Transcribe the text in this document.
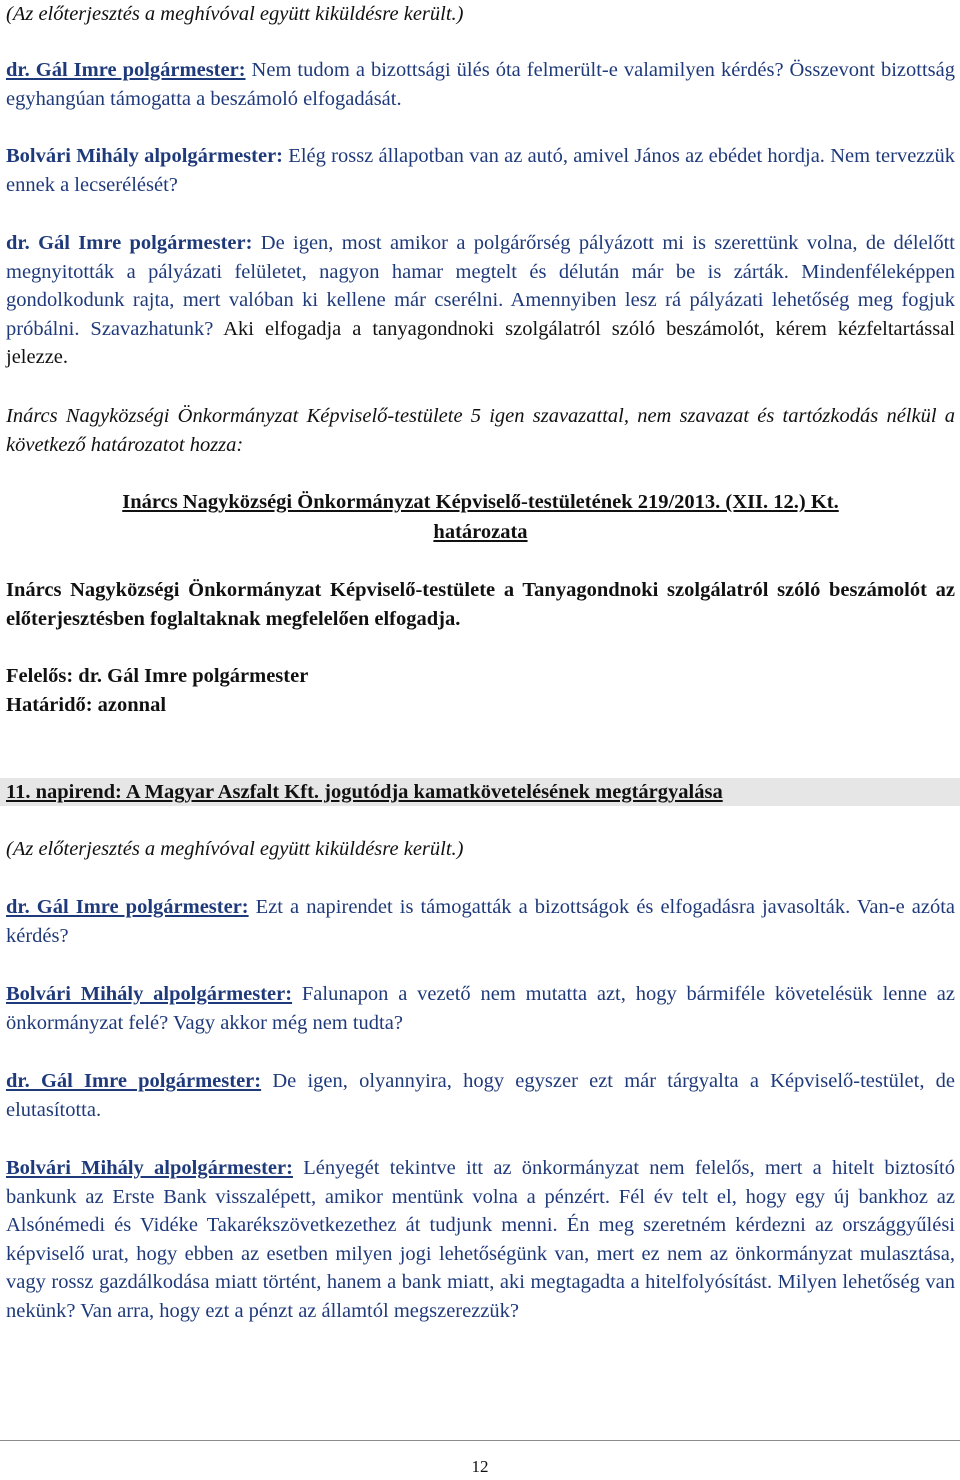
(Az előterjesztés a meghívóval együtt kiküldésre került.)

dr. Gál Imre polgármester: Nem tudom a bizottsági ülés óta felmerült-e valamilyen kérdés? Összevont bizottság egyhangúan támogatta a beszámoló elfogadását.

Bolvári Mihály alpolgármester: Elég rossz állapotban van az autó, amivel János az ebédet hordja. Nem tervezzük ennek a lecserélését?

dr. Gál Imre polgármester: De igen, most amikor a polgárőrség pályázott mi is szerettünk volna, de délelőtt megnyitották a pályázati felületet, nagyon hamar megtelt és délután már be is zárták. Mindenféleképpen gondolkodunk rajta, mert valóban ki kellene már cserélni. Amennyiben lesz rá pályázati lehetőség meg fogjuk próbálni. Szavazhatunk? Aki elfogadja a tanyagondnoki szolgálatról szóló beszámolót, kérem kézfeltartással jelezze.

Inárcs Nagyközségi Önkormányzat Képviselő-testülete 5 igen szavazattal, nem szavazat és tartózkodás nélkül a következő határozatot hozza:

Inárcs Nagyközségi Önkormányzat Képviselő-testületének 219/2013. (XII. 12.) Kt.

határozata

Inárcs Nagyközségi Önkormányzat Képviselő-testülete a Tanyagondnoki szolgálatról szóló beszámolót az előterjesztésben foglaltaknak megfelelően elfogadja.

Felelős: dr. Gál Imre polgármester

Határidő: azonnal

11. napirend: A Magyar Aszfalt Kft. jogutódja kamatkövetelésének megtárgyalása

(Az előterjesztés a meghívóval együtt kiküldésre került.)

dr. Gál Imre polgármester: Ezt a napirendet is támogatták a bizottságok és elfogadásra javasolták. Van-e azóta kérdés?

Bolvári Mihály alpolgármester: Falunapon a vezető nem mutatta azt, hogy bármiféle követelésük lenne az önkormányzat felé? Vagy akkor még nem tudta?

dr. Gál Imre polgármester: De igen, olyannyira, hogy egyszer ezt már tárgyalta a Képviselő-testület, de elutasította.

Bolvári Mihály alpolgármester: Lényegét tekintve itt az önkormányzat nem felelős, mert a hitelt biztosító bankunk az Erste Bank visszalépett, amikor mentünk volna a pénzért. Fél év telt el, hogy egy új bankhoz az Alsónémedi és Vidéke Takarékszövetkezethez át tudjunk menni. Én meg szeretném kérdezni az országgyűlési képviselő urat, hogy ebben az esetben milyen jogi lehetőségünk van, mert ez nem az önkormányzat mulasztása, vagy rossz gazdálkodása miatt történt, hanem a bank miatt, aki megtagadta a hitelfolyósítást. Milyen lehetőség van nekünk? Van arra, hogy ezt a pénzt az államtól megszerezzük?

12
